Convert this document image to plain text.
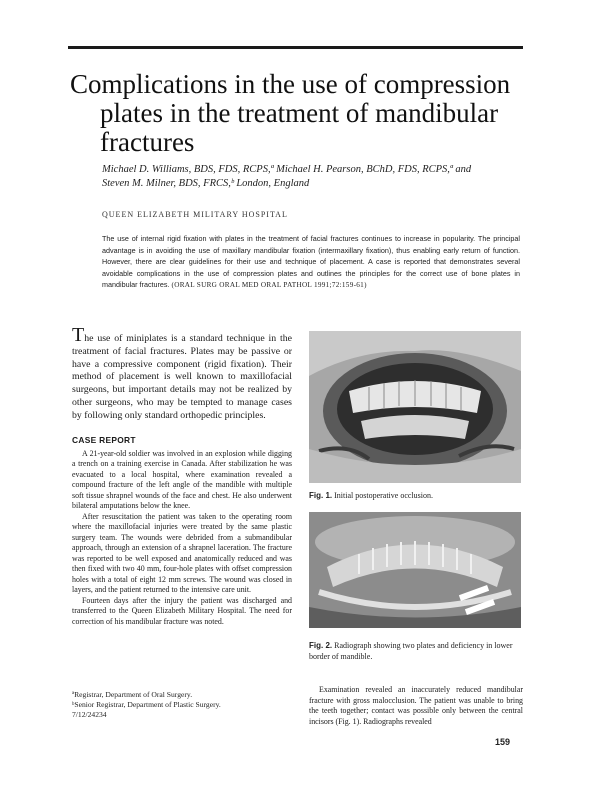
Complications in the use of compression
plates in the treatment of mandibular
fractures
Michael D. Williams, BDS, FDS, RCPS,ª Michael H. Pearson, BChD, FDS, RCPS,ª and
Steven M. Milner, BDS, FRCS,ᵇ London, England
QUEEN ELIZABETH MILITARY HOSPITAL
The use of internal rigid fixation with plates in the treatment of facial fractures continues to increase in popularity. The principal advantage is in avoiding the use of maxillary mandibular fixation (intermaxillary fixation), thus enabling early return of function. However, there are clear guidelines for their use and technique of placement. A case is reported that demonstrates several avoidable complications in the use of compression plates and outlines the principles for the correct use of bone plates in mandibular fractures. (ORAL SURG ORAL MED ORAL PATHOL 1991;72:159-61)

The use of miniplates is a standard technique in the treatment of facial fractures. Plates may be passive or have a compressive component (rigid fixation). Their method of placement is well known to maxillofacial surgeons, but important details may not be realized by other surgeons, who may be tempted to manage cases by following only standard orthopedic principles.

CASE REPORT

A 21-year-old soldier was involved in an explosion while digging a trench on a training exercise in Canada. After stabilization he was evacuated to a local hospital, where examination revealed a compound fracture of the left angle of the mandible with multiple soft tissue shrapnel wounds of the face and chest. He also underwent bilateral amputations below the knee.

After resuscitation the patient was taken to the operating room where the maxillofacial injuries were treated by the same plastic surgery team. The wounds were debrided from a submandibular approach, through an extension of a shrapnel laceration. The fracture was reported to be well exposed and anatomically reduced and was then fixed with two 40 mm, four-hole plates with offset compression holes with a total of eight 12 mm screws. The wound was closed in layers, and the patient returned to the intensive care unit.

Fourteen days after the injury the patient was discharged and transferred to the Queen Elizabeth Military Hospital. The need for correction of his mandibular fracture was noted.

ªRegistrar, Department of Oral Surgery.
ᵇSenior Registrar, Department of Plastic Surgery.
7/12/24234
Fig. 1. Initial postoperative occlusion.
Fig. 2. Radiograph showing two plates and deficiency in lower border of mandible.

Examination revealed an inaccurately reduced mandibular fracture with gross malocclusion. The patient was unable to bring the teeth together; contact was possible only between the central incisors (Fig. 1). Radiographs revealed

159
